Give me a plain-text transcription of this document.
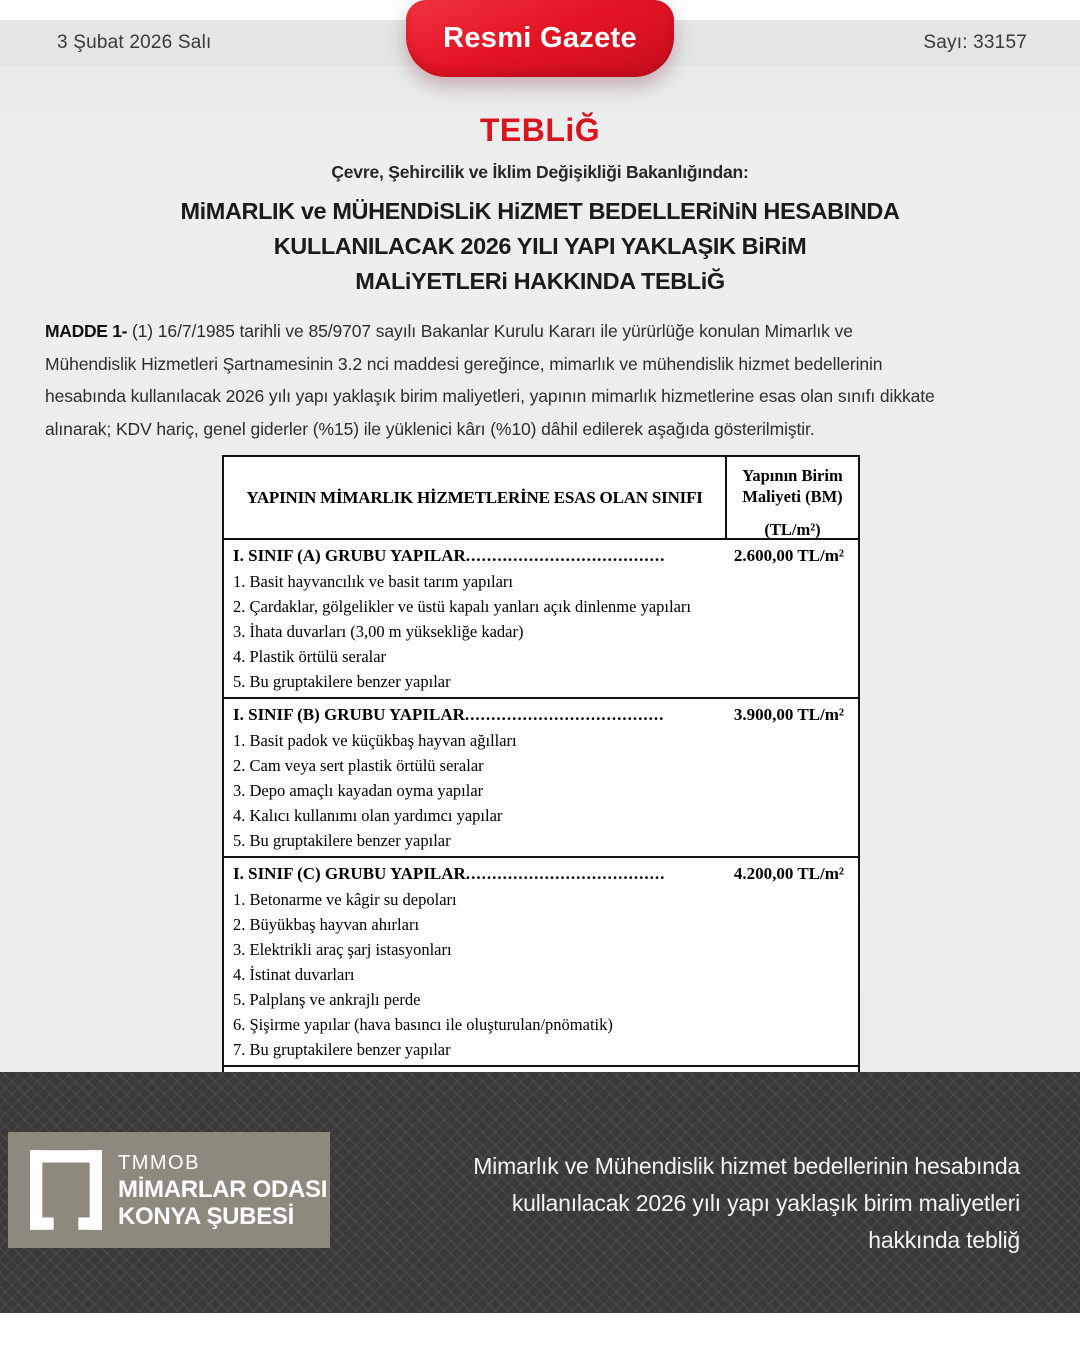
3 Şubat 2026 Salı	Sayı: 33157
Resmi Gazete
TEBLiĞ
Çevre, Şehircilik ve İklim Değişikliği Bakanlığından:
MiMARLIK ve MÜHENDiSLiK HiZMET BEDELLERiNiN HESABINDA
KULLANILACAK 2026 YILI YAPI YAKLAŞIK BiRiM
MALiYETLERi HAKKINDA TEBLiĞ
MADDE 1- (1) 16/7/1985 tarihli ve 85/9707 sayılı Bakanlar Kurulu Kararı ile yürürlüğe konulan Mimarlık ve
Mühendislik Hizmetleri Şartnamesinin 3.2 nci maddesi gereğince, mimarlık ve mühendislik hizmet bedellerinin
hesabında kullanılacak 2026 yılı yapı yaklaşık birim maliyetleri, yapının mimarlık hizmetlerine esas olan sınıfı dikkate
alınarak; KDV hariç, genel giderler (%15) ile yüklenici kârı (%10) dâhil edilerek aşağıda gösterilmiştir.
YAPININ MİMARLIK HİZMETLERİNE ESAS OLAN SINIFI
Yapının Birim
Maliyeti (BM)
(TL/m²)
I. SINIF (A) GRUBU YAPILAR ......................................	2.600,00 TL/m²
1. Basit hayvancılık ve basit tarım yapıları
2. Çardaklar, gölgelikler ve üstü kapalı yanları açık dinlenme yapıları
3. İhata duvarları (3,00 m yüksekliğe kadar)
4. Plastik örtülü seralar
5. Bu gruptakilere benzer yapılar
I. SINIF (B) GRUBU YAPILAR ......................................	3.900,00 TL/m²
1. Basit padok ve küçükbaş hayvan ağılları
2. Cam veya sert plastik örtülü seralar
3. Depo amaçlı kayadan oyma yapılar
4. Kalıcı kullanımı olan yardımcı yapılar
5. Bu gruptakilere benzer yapılar
I. SINIF (C) GRUBU YAPILAR ......................................	4.200,00 TL/m²
1. Betonarme ve kâgir su depoları
2. Büyükbaş hayvan ahırları
3. Elektrikli araç şarj istasyonları
4. İstinat duvarları
5. Palplanş ve ankrajlı perde
6. Şişirme yapılar (hava basıncı ile oluşturulan/pnömatik)
7. Bu gruptakilere benzer yapılar
TMMOB
MİMARLAR ODASI
KONYA ŞUBESİ
Mimarlık ve Mühendislik hizmet bedellerinin hesabında
kullanılacak 2026 yılı yapı yaklaşık birim maliyetleri
hakkında tebliğ
